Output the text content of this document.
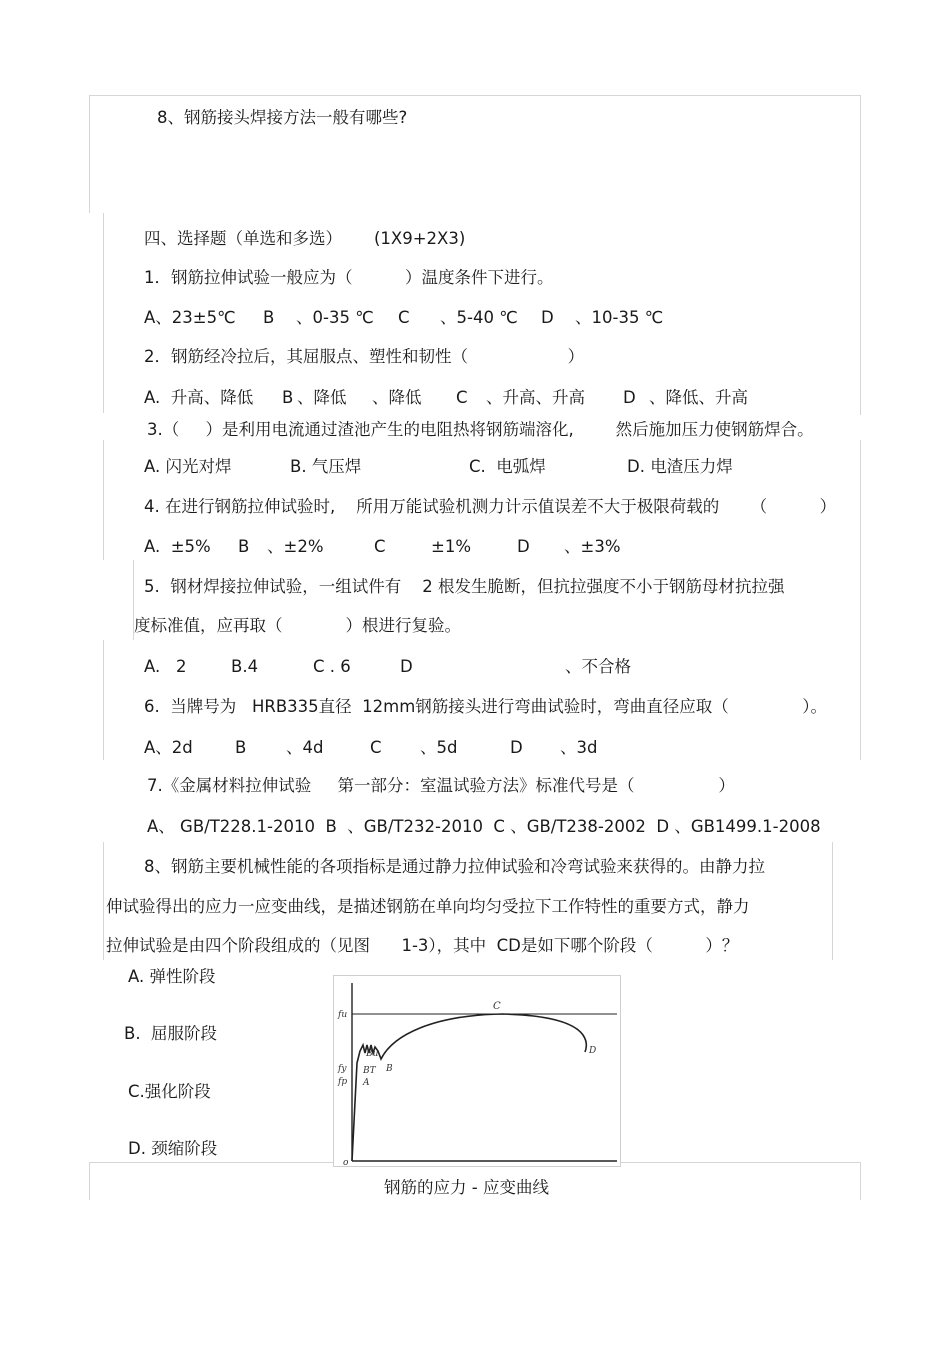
8、钢筋接头焊接方法一般有哪些?
四、选择题（单选和多选） (1X9+2X3)
1．钢筋拉伸试验一般应为（          ）温度条件下进行。
A、23±5℃ B 、0-35 ℃ C 、5-40 ℃ D 、10-35 ℃
2．钢筋经冷拉后，其屈服点、塑性和韧性（                   ）
A.  升高、降低 B 、降低 、降低 C 、升高、升高 D 、降低、升高
3.（     ）是利用电流通过渣池产生的电阻热将钢筋端溶化,        然后施加压力使钢筋焊合。
A. 闪光对焊	B. 气压焊	C.  电弧焊	D. 电渣压力焊
4. 在进行钢筋拉伸试验时,    所用万能试验机测力计示值误差不大于极限荷载的      （          ）
A.  ±5% B 、±2%	C	±1%	D 、±3%
5.  钢材焊接拉伸试验，一组试件有    2 根发生脆断，但抗拉强度不小于钢筋母材抗拉强
度标准值，应再取（            ）根进行复验。
A. 2	B.4	C . 6	D	、不合格
6.  当牌号为   HRB335直径  12mm钢筋接头进行弯曲试验时，弯曲直径应取（              ）。
A、2d	B 、4d	C 、5d	D 、3d
7.《金属材料拉伸试验     第一部分：室温试验方法》标准代号是（                ）
A、 GB/T228.1-2010  B  、GB/T232-2010  C 、GB/T238-2002  D 、GB1499.1-2008
8、钢筋主要机械性能的各项指标是通过静力拉伸试验和冷弯试验来获得的。由静力拉
伸试验得出的应力一应变曲线，是描述钢筋在单向均匀受拉下工作特性的重要方式，静力
拉伸试验是由四个阶段组成的（见图      1-3），其中  CD是如下哪个阶段（          ）？
A. 弹性阶段
B.  屈服阶段
C.强化阶段
D. 颈缩阶段
fu
fy
fp
o
A
Bu
BT B
C
D
钢筋的应力 - 应变曲线
